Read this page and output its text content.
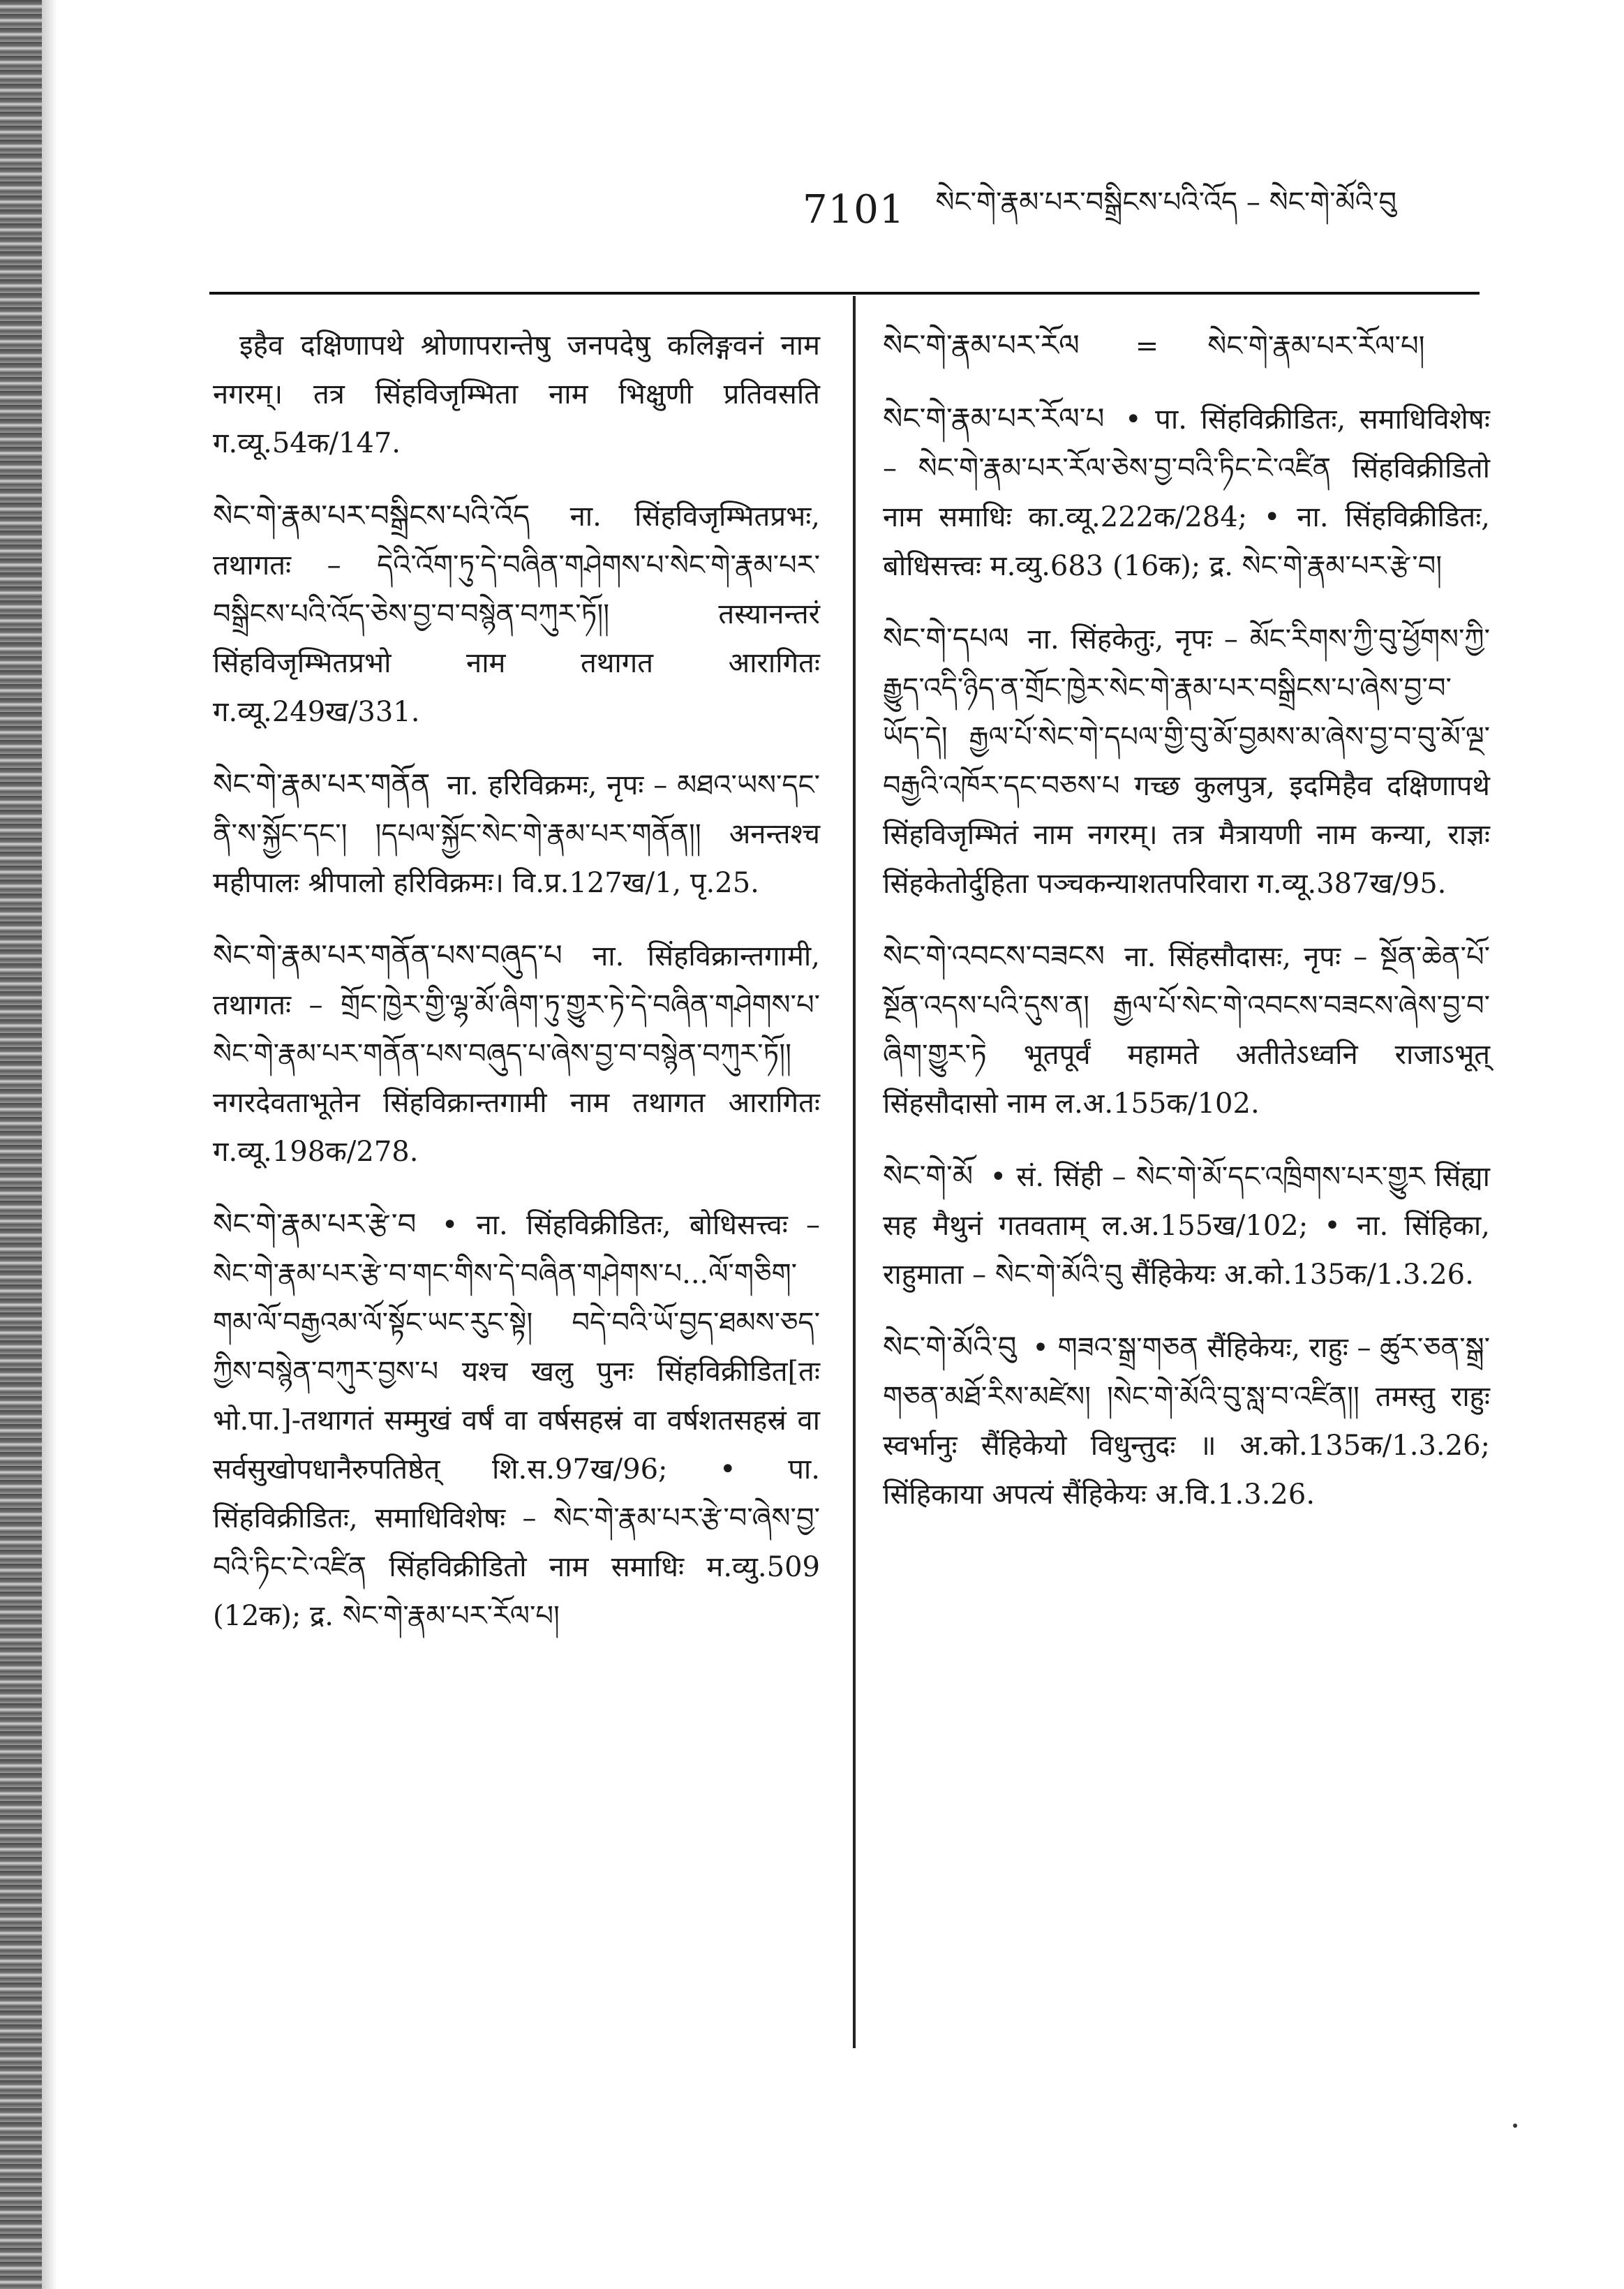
7101 སེང་གེ་རྣམ་པར་བསྒྲིངས་པའི་འོད – སེང་གེ་མོའི་བུ

इहैव दक्षिणापथे श्रोणापरान्तेषु जनपदेषु कलिङ्गवनं नाम नगरम्। तत्र सिंहविजृम्भिता नाम भिक्षुणी प्रतिवसति ग.व्यू.54क/147.

སེང་གེ་རྣམ་པར་བསྒྲིངས་པའི་འོད ना. सिंहविजृम्भितप्रभः, तथागतः – དེའི་འོག་ཏུ་དེ་བཞིན་གཤེགས་པ་སེང་གེ་རྣམ་པར་བསྒྲིངས་པའི་འོད་ཅེས་བྱ་བ་བསྙེན་བཀུར་ཏོ།། तस्यानन्तरं सिंहविजृम्भितप्रभो नाम तथागत आरागितः ग.व्यू.249ख/331.

སེང་གེ་རྣམ་པར་གནོན ना. हरिविक्रमः, नृपः – མཐའ་ཡས་དང་ནི་ས་སྐྱོང་དང་། །དཔལ་སྐྱོང་སེང་གེ་རྣམ་པར་གནོན།། अनन्तश्च महीपालः श्रीपालो हरिविक्रमः। वि.प्र.127ख/1, पृ.25.

སེང་གེ་རྣམ་པར་གནོན་པས་བཞུད་པ ना. सिंहविक्रान्तगामी, तथागतः – གྲོང་ཁྱེར་གྱི་ལྷ་མོ་ཞིག་ཏུ་གྱུར་ཏེ་དེ་བཞིན་གཤེགས་པ་སེང་གེ་རྣམ་པར་གནོན་པས་བཞུད་པ་ཞེས་བྱ་བ་བསྙེན་བཀུར་ཏོ།། नगरदेवताभूतेन सिंहविक्रान्तगामी नाम तथागत आरागितः ग.व्यू.198क/278.

སེང་གེ་རྣམ་པར་རྩེ་བ • ना. सिंहविक्रीडितः, बोधिसत्त्वः – སེང་གེ་རྣམ་པར་རྩེ་བ་གང་གིས་དེ་བཞིན་གཤེགས་པ...ལོ་གཅིག་གམ་ལོ་བརྒྱའམ་ལོ་སྟོང་ཡང་རུང་སྟེ། བདེ་བའི་ཡོ་བྱད་ཐམས་ཅད་ཀྱིས་བསྙེན་བཀུར་བྱས་པ यश्च खलु पुनः सिंहविक्रीडित[तः भो.पा.]-तथागतं सम्मुखं वर्षं वा वर्षसहस्रं वा वर्षशतसहस्रं वा सर्वसुखोपधानैरुपतिष्ठेत् शि.स.97ख/96; • पा. सिंहविक्रीडितः, समाधिविशेषः – སེང་གེ་རྣམ་པར་རྩེ་བ་ཞེས་བྱ་བའི་ཏིང་ངེ་འཛིན सिंहविक्रीडितो नाम समाधिः म.व्यु.509 (12क); द्र. སེང་གེ་རྣམ་པར་རོལ་པ།

སེང་གེ་རྣམ་པར་རོལ = སེང་གེ་རྣམ་པར་རོལ་པ།

སེང་གེ་རྣམ་པར་རོལ་པ • पा. सिंहविक्रीडितः, समाधिविशेषः – སེང་གེ་རྣམ་པར་རོལ་ཅེས་བྱ་བའི་ཏིང་ངེ་འཛིན सिंहविक्रीडितो नाम समाधिः का.व्यू.222क/284; • ना. सिंहविक्रीडितः, बोधिसत्त्वः म.व्यु.683 (16क); द्र. སེང་གེ་རྣམ་པར་རྩེ་བ།

སེང་གེ་དཔལ ना. सिंहकेतुः, नृपः – མོང་རིགས་ཀྱི་བུ་ཕྱོགས་ཀྱི་རྒྱུད་འདི་ཉིད་ན་གྲོང་ཁྱེར་སེང་གེ་རྣམ་པར་བསྒྲིངས་པ་ཞེས་བྱ་བ་ཡོད་དེ། རྒྱལ་པོ་སེང་གེ་དཔལ་གྱི་བུ་མོ་བྱམས་མ་ཞེས་བྱ་བ་བུ་མོ་ལྔ་བརྒྱའི་འཁོར་དང་བཅས་པ गच्छ कुलपुत्र, इदमिहैव दक्षिणापथे सिंहविजृम्भितं नाम नगरम्। तत्र मैत्रायणी नाम कन्या, राज्ञः सिंहकेतोर्दुहिता पञ्चकन्याशतपरिवारा ग.व्यू.387ख/95.

སེང་གེ་འབངས་བཟངས ना. सिंहसौदासः, नृपः – སྔོན་ཆེན་པོ་སྔོན་འདས་པའི་དུས་ན། རྒྱལ་པོ་སེང་གེ་འབངས་བཟངས་ཞེས་བྱ་བ་ཞིག་གྱུར་ཏེ भूतपूर्वं महामते अतीतेऽध्वनि राजाऽभूत् सिंहसौदासो नाम ल.अ.155क/102.

སེང་གེ་མོ • सं. सिंही – སེང་གེ་མོ་དང་འཁྲིགས་པར་གྱུར सिंह्या सह मैथुनं गतवताम् ल.अ.155ख/102; • ना. सिंहिका, राहुमाता – སེང་གེ་མོའི་བུ सैंहिकेयः अ.को.135क/1.3.26.

སེང་གེ་མོའི་བུ • གཟའ་སྒྲ་གཅན सैंहिकेयः, राहुः – ཚུར་ཅན་སྒྲ་གཅན་མཐོ་རིས་མཛེས། །སེང་གེ་མོའི་བུ་སླ་བ་འཛིན།། तमस्तु राहुः स्वर्भानुः सैंहिकेयो विधुन्तुदः ॥ अ.को.135क/1.3.26; सिंहिकाया अपत्यं सैंहिकेयः अ.वि.1.3.26.
